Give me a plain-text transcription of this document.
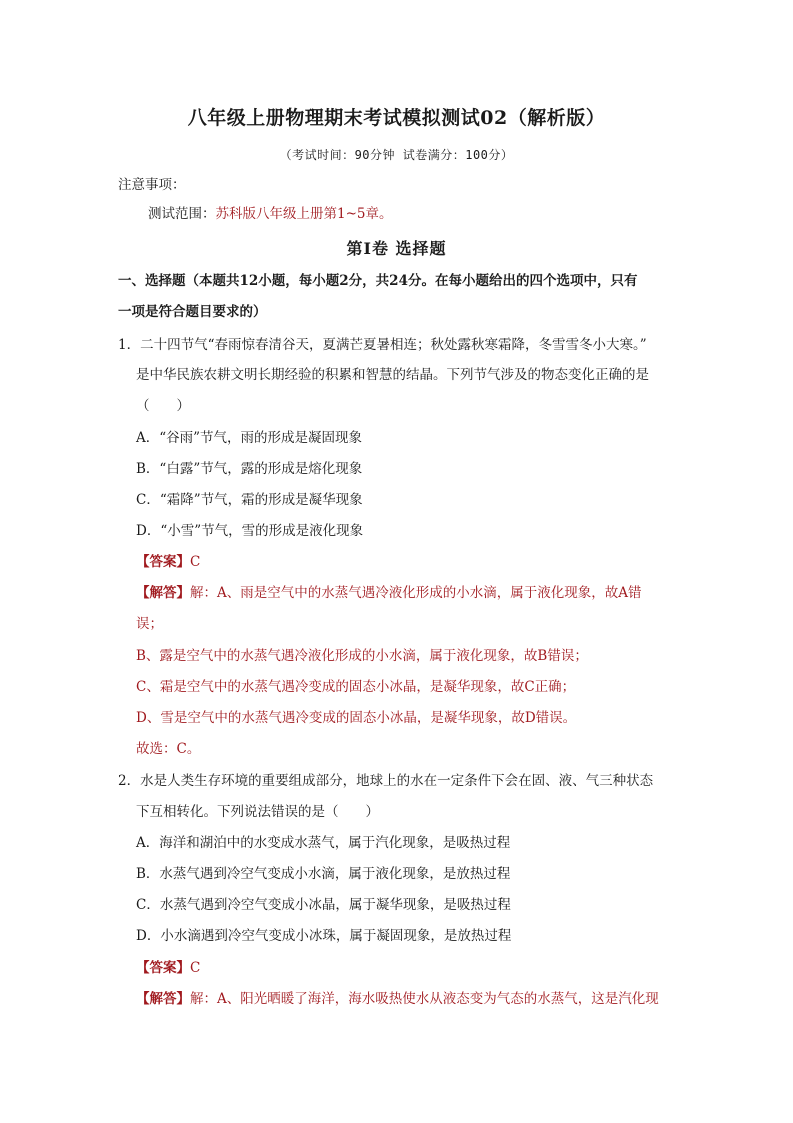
八年级上册物理期末考试模拟测试02（解析版）
（考试时间：90分钟 试卷满分：100分）
注意事项：
测试范围：苏科版八年级上册第1~5章。
第Ⅰ卷 选择题
一、选择题（本题共12小题，每小题2分，共24分。在每小题给出的四个选项中，只有
一项是符合题目要求的）
1．二十四节气“春雨惊春清谷天，夏满芒夏暑相连；秋处露秋寒霜降，冬雪雪冬小大寒。”
是中华民族农耕文明长期经验的积累和智慧的结晶。下列节气涉及的物态变化正确的是
（　　）
A．“谷雨”节气，雨的形成是凝固现象
B．“白露”节气，露的形成是熔化现象
C．“霜降”节气，霜的形成是凝华现象
D．“小雪”节气，雪的形成是液化现象
【答案】C
【解答】解：A、雨是空气中的水蒸气遇冷液化形成的小水滴，属于液化现象，故A错
误；
B、露是空气中的水蒸气遇冷液化形成的小水滴，属于液化现象，故B错误；
C、霜是空气中的水蒸气遇冷变成的固态小冰晶，是凝华现象，故C正确；
D、雪是空气中的水蒸气遇冷变成的固态小冰晶，是凝华现象，故D错误。
故选：C。
2．水是人类生存环境的重要组成部分，地球上的水在一定条件下会在固、液、气三种状态
下互相转化。下列说法错误的是（　　）
A．海洋和湖泊中的水变成水蒸气，属于汽化现象，是吸热过程
B．水蒸气遇到冷空气变成小水滴，属于液化现象，是放热过程
C．水蒸气遇到冷空气变成小冰晶，属于凝华现象，是吸热过程
D．小水滴遇到冷空气变成小冰珠，属于凝固现象，是放热过程
【答案】C
【解答】解：A、阳光晒暖了海洋，海水吸热使水从液态变为气态的水蒸气，这是汽化现
